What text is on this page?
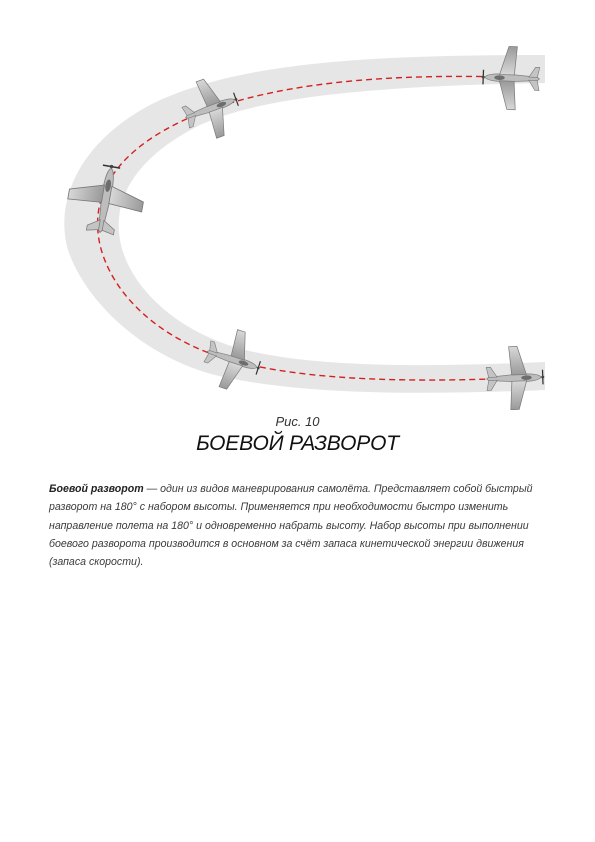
Рис. 10

БОЕВОЙ РАЗВОРОТ

Боевой разворот — один из видов маневрирования самолёта. Представляет собой быстрый разворот на 180° с набором высоты. Применяется при необходимости быстро изменить направление полета на 180° и одновременно набрать высоту. Набор высоты при выполнении боевого разворота производится в основном за счёт запаса кинетической энергии движения (запаса скорости).
